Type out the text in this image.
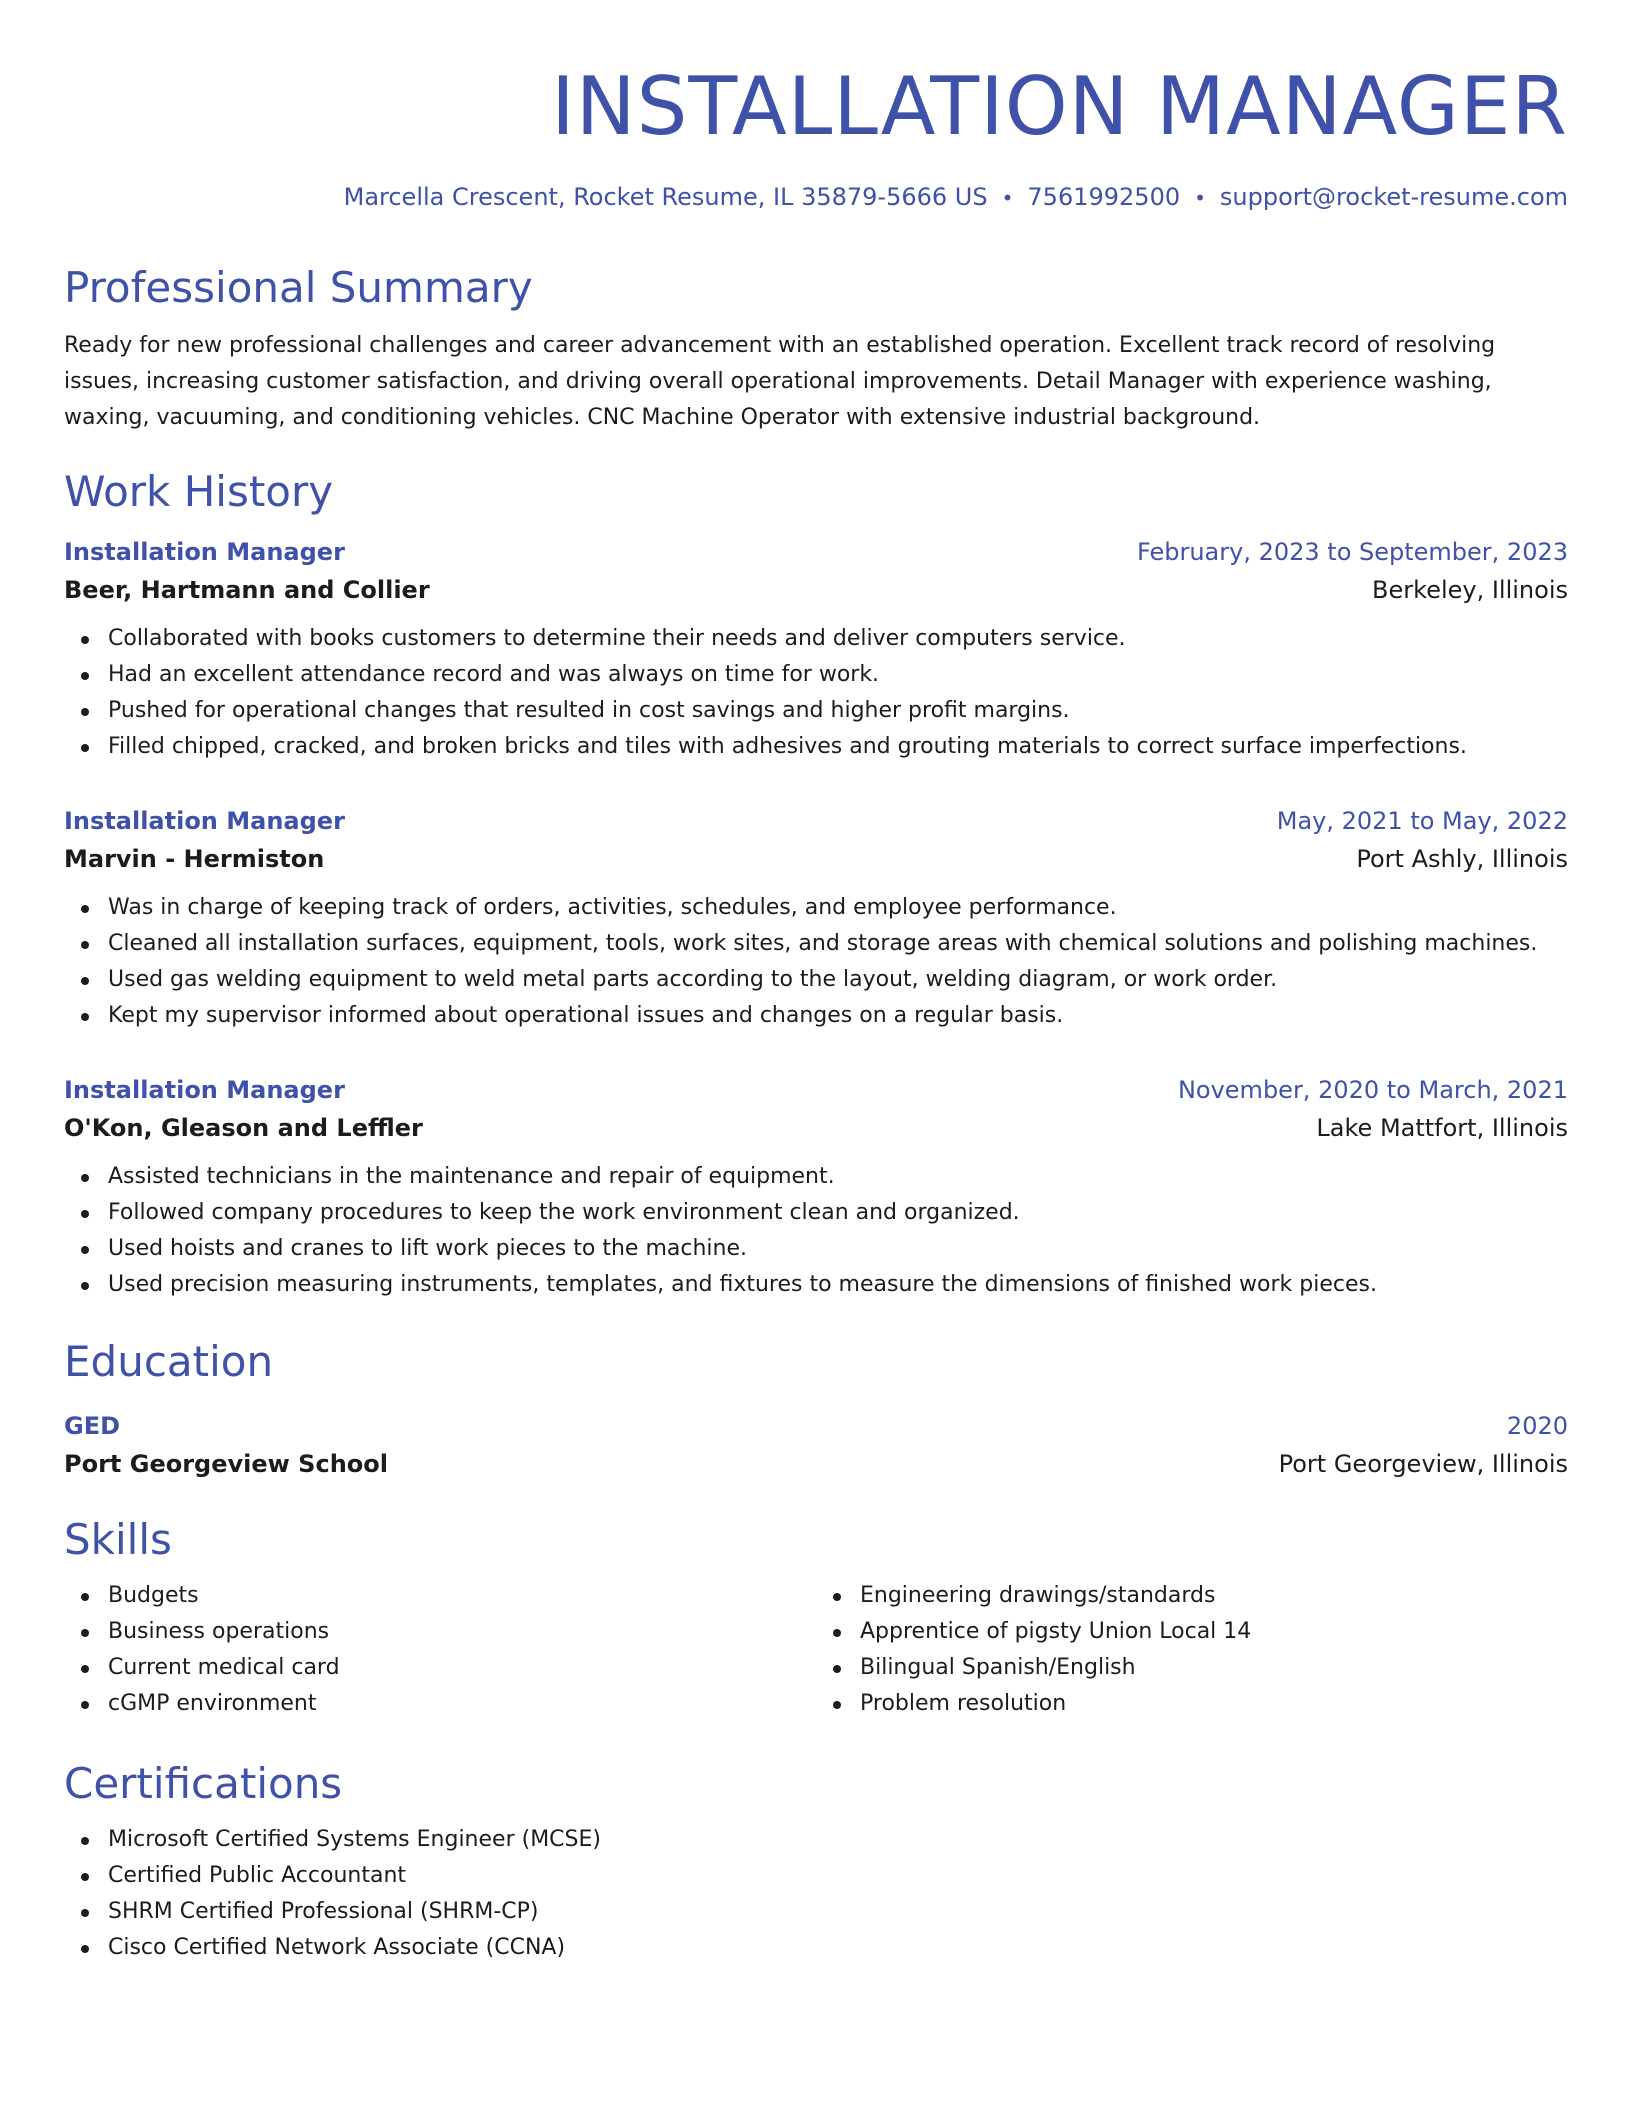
INSTALLATION MANAGER
Marcella Crescent, Rocket Resume, IL 35879-5666 US • 7561992500 • support@rocket-resume.com
Professional Summary

Ready for new professional challenges and career advancement with an established operation. Excellent track record of resolving issues, increasing customer satisfaction, and driving overall operational improvements. Detail Manager with experience washing, waxing, vacuuming, and conditioning vehicles. CNC Machine Operator with extensive industrial background.

Work History
Installation Manager	February, 2023 to September, 2023
Beer, Hartmann and Collier	Berkeley, Illinois
Collaborated with books customers to determine their needs and deliver computers service.
Had an excellent attendance record and was always on time for work.
Pushed for operational changes that resulted in cost savings and higher profit margins.
Filled chipped, cracked, and broken bricks and tiles with adhesives and grouting materials to correct surface imperfections.
Installation Manager	May, 2021 to May, 2022
Marvin - Hermiston	Port Ashly, Illinois
Was in charge of keeping track of orders, activities, schedules, and employee performance.
Cleaned all installation surfaces, equipment, tools, work sites, and storage areas with chemical solutions and polishing machines.
Used gas welding equipment to weld metal parts according to the layout, welding diagram, or work order.
Kept my supervisor informed about operational issues and changes on a regular basis.
Installation Manager	November, 2020 to March, 2021
O'Kon, Gleason and Leffler	Lake Mattfort, Illinois
Assisted technicians in the maintenance and repair of equipment.
Followed company procedures to keep the work environment clean and organized.
Used hoists and cranes to lift work pieces to the machine.
Used precision measuring instruments, templates, and fixtures to measure the dimensions of finished work pieces.
Education
GED	2020
Port Georgeview School	Port Georgeview, Illinois
Skills
Budgets
Business operations
Current medical card
cGMP environment
Engineering drawings/standards
Apprentice of pigsty Union Local 14
Bilingual Spanish/English
Problem resolution
Certifications
Microsoft Certified Systems Engineer (MCSE)
Certified Public Accountant
SHRM Certified Professional (SHRM-CP)
Cisco Certified Network Associate (CCNA)
